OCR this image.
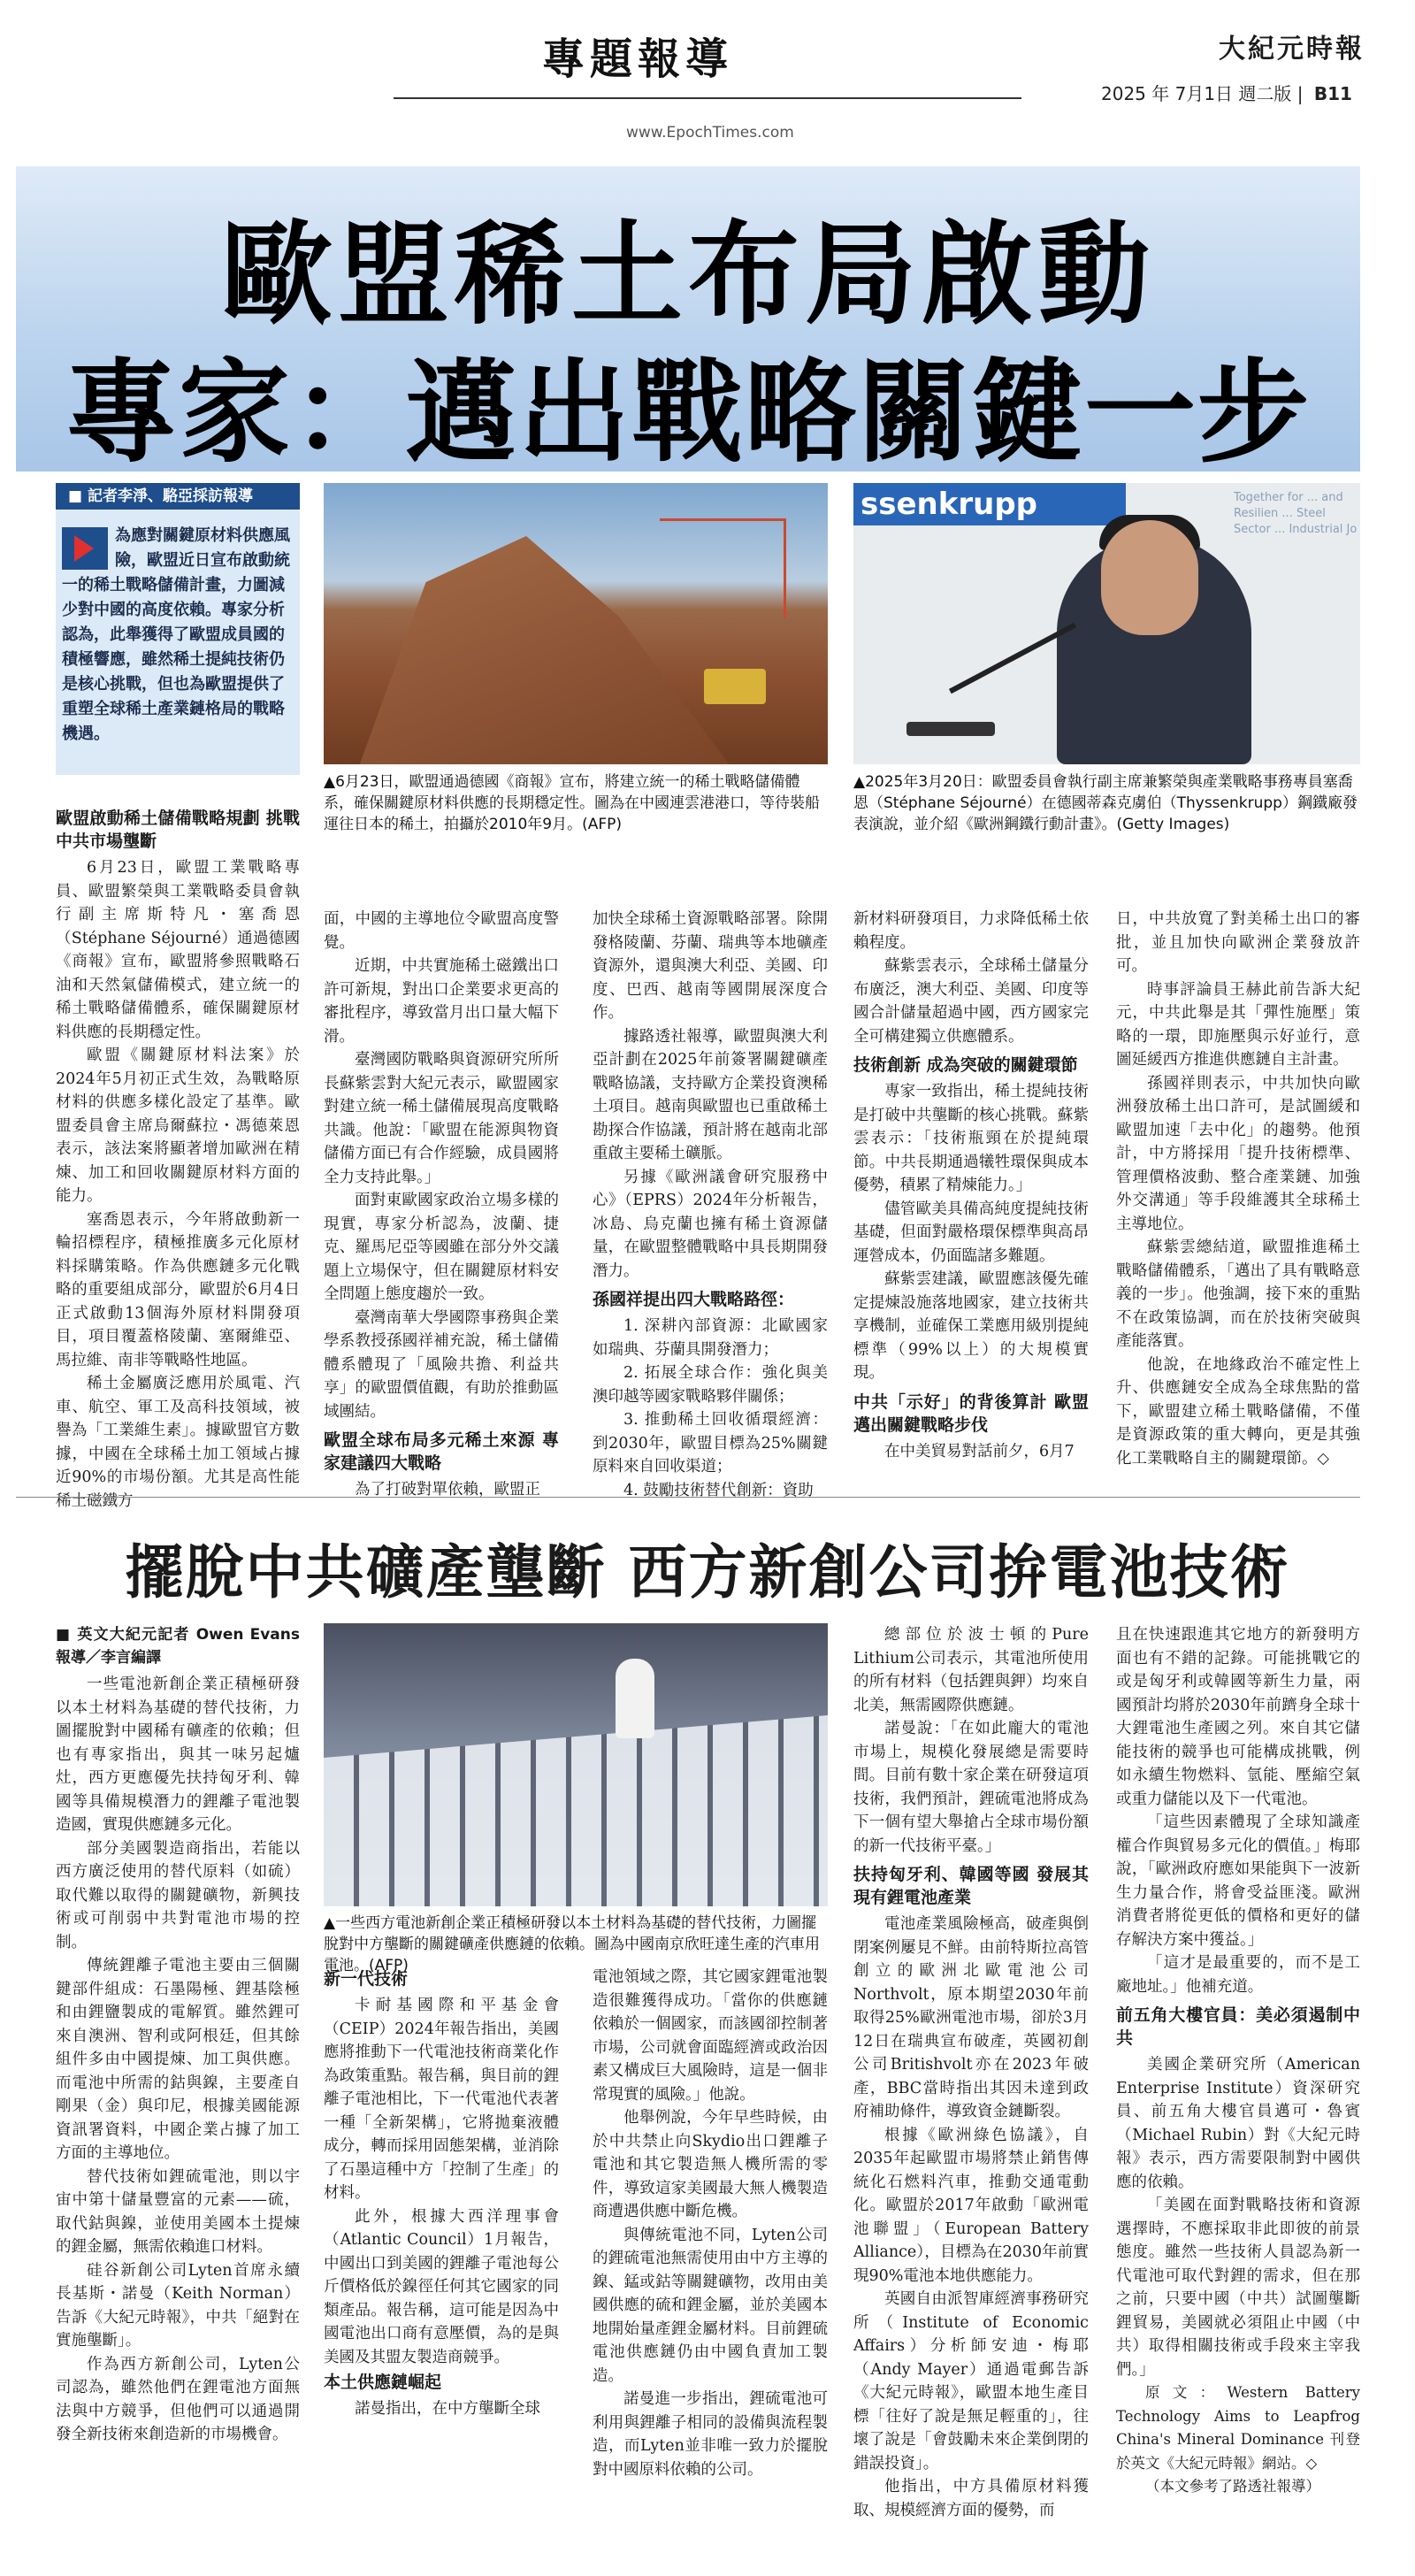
專題報導
www.EpochTimes.com
大紀元時報
2025 年 7月1日 週二版 | B11
歐盟稀土布局啟動
專家：邁出戰略關鍵一步
■ 記者李淨、駱亞採訪報導
為應對關鍵原材料供應風險，歐盟近日宣布啟動統一的稀土戰略儲備計畫，力圖減少對中國的高度依賴。專家分析認為，此舉獲得了歐盟成員國的積極響應，雖然稀土提純技術仍是核心挑戰，但也為歐盟提供了重塑全球稀土產業鏈格局的戰略機遇。
▲6月23日，歐盟通過德國《商報》宣布，將建立統一的稀土戰略儲備體系，確保關鍵原材料供應的長期穩定性。圖為在中國連雲港港口，等待裝船運往日本的稀土，拍攝於2010年9月。(AFP)
ssenkrupp	Together for ... and Resilien ... Steel Sector ... Industrial Jo
▲2025年3月20日：歐盟委員會執行副主席兼繁榮與產業戰略事務專員塞喬恩（Stéphane Séjourné）在德國蒂森克虜伯（Thyssenkrupp）鋼鐵廠發表演說，並介紹《歐洲鋼鐵行動計畫》。(Getty Images)
歐盟啟動稀土儲備戰略規劃 挑戰中共市場壟斷

6月23日，歐盟工業戰略專員、歐盟繁榮與工業戰略委員會執行副主席斯特凡・塞喬恩（Stéphane Séjourné）通過德國《商報》宣布，歐盟將參照戰略石油和天然氣儲備模式，建立統一的稀土戰略儲備體系，確保關鍵原材料供應的長期穩定性。

歐盟《關鍵原材料法案》於2024年5月初正式生效，為戰略原材料的供應多樣化設定了基準。歐盟委員會主席烏爾蘇拉・馮德萊恩表示，該法案將顯著增加歐洲在精煉、加工和回收關鍵原材料方面的能力。

塞喬恩表示，今年將啟動新一輪招標程序，積極推廣多元化原材料採購策略。作為供應鏈多元化戰略的重要組成部分，歐盟於6月4日正式啟動13個海外原材料開發項目，項目覆蓋格陵蘭、塞爾維亞、馬拉維、南非等戰略性地區。

稀土金屬廣泛應用於風電、汽車、航空、軍工及高科技領域，被譽為「工業維生素」。據歐盟官方數據，中國在全球稀土加工領域占據近90%的市場份額。尤其是高性能稀土磁鐵方

面，中國的主導地位令歐盟高度警覺。

近期，中共實施稀土磁鐵出口許可新規，對出口企業要求更高的審批程序，導致當月出口量大幅下滑。

臺灣國防戰略與資源研究所所長蘇紫雲對大紀元表示，歐盟國家對建立統一稀土儲備展現高度戰略共識。他說：「歐盟在能源與物資儲備方面已有合作經驗，成員國將全力支持此舉。」

面對東歐國家政治立場多樣的現實，專家分析認為，波蘭、捷克、羅馬尼亞等國雖在部分外交議題上立場保守，但在關鍵原材料安全問題上態度趨於一致。

臺灣南華大學國際事務與企業學系教授孫國祥補充說，稀土儲備體系體現了「風險共擔、利益共享」的歐盟價值觀，有助於推動區域團結。

歐盟全球布局多元稀土來源 專家建議四大戰略

為了打破對單依賴，歐盟正

加快全球稀土資源戰略部署。除開發格陵蘭、芬蘭、瑞典等本地礦產資源外，還與澳大利亞、美國、印度、巴西、越南等國開展深度合作。

據路透社報導，歐盟與澳大利亞計劃在2025年前簽署關鍵礦產戰略協議，支持歐方企業投資澳稀土項目。越南與歐盟也已重啟稀土勘探合作協議，預計將在越南北部重啟主要稀土礦脈。

另據《歐洲議會研究服務中心》（EPRS）2024年分析報告，冰島、烏克蘭也擁有稀土資源儲量，在歐盟整體戰略中具長期開發潛力。

孫國祥提出四大戰略路徑：

1. 深耕內部資源：北歐國家如瑞典、芬蘭具開發潛力；

2. 拓展全球合作：強化與美澳印越等國家戰略夥伴關係；

3. 推動稀土回收循環經濟：到2030年，歐盟目標為25%關鍵原料來自回收渠道；

4. 鼓勵技術替代創新：資助

新材料研發項目，力求降低稀土依賴程度。

蘇紫雲表示，全球稀土儲量分布廣泛，澳大利亞、美國、印度等國合計儲量超過中國，西方國家完全可構建獨立供應體系。

技術創新 成為突破的關鍵環節

專家一致指出，稀土提純技術是打破中共壟斷的核心挑戰。蘇紫雲表示：「技術瓶頸在於提純環節。中共長期通過犧牲環保與成本優勢，積累了精煉能力。」

儘管歐美具備高純度提純技術基礎，但面對嚴格環保標準與高昂運營成本，仍面臨諸多難題。

蘇紫雲建議，歐盟應該優先確定提煉設施落地國家，建立技術共享機制，並確保工業應用級別提純標準（99%以上）的大規模實現。

中共「示好」的背後算計 歐盟邁出關鍵戰略步伐

在中美貿易對話前夕，6月7

日，中共放寬了對美稀土出口的審批，並且加快向歐洲企業發放許可。

時事評論員王赫此前告訴大紀元，中共此舉是其「彈性施壓」策略的一環，即施壓與示好並行，意圖延緩西方推進供應鏈自主計畫。

孫國祥則表示，中共加快向歐洲發放稀土出口許可，是試圖緩和歐盟加速「去中化」的趨勢。他預計，中方將採用「提升技術標準、管理價格波動、整合產業鏈、加強外交溝通」等手段維護其全球稀土主導地位。

蘇紫雲總結道，歐盟推進稀土戰略儲備體系，「邁出了具有戰略意義的一步」。他強調，接下來的重點不在政策協調，而在於技術突破與產能落實。

他說，在地緣政治不確定性上升、供應鏈安全成為全球焦點的當下，歐盟建立稀土戰略儲備，不僅是資源政策的重大轉向，更是其強化工業戰略自主的關鍵環節。◇

擺脫中共礦產壟斷 西方新創公司拚電池技術
■ 英文大紀元記者 Owen Evans 報導／李言編譯

一些電池新創企業正積極研發以本土材料為基礎的替代技術，力圖擺脫對中國稀有礦產的依賴；但也有專家指出，與其一味另起爐灶，西方更應優先扶持匈牙利、韓國等具備規模潛力的鋰離子電池製造國，實現供應鏈多元化。

部分美國製造商指出，若能以西方廣泛使用的替代原料（如硫）取代難以取得的關鍵礦物，新興技術或可削弱中共對電池市場的控制。

傳統鋰離子電池主要由三個關鍵部件組成：石墨陽極、鋰基陰極和由鋰鹽製成的電解質。雖然鋰可來自澳洲、智利或阿根廷，但其餘組件多由中國提煉、加工與供應。而電池中所需的鈷與鎳，主要產自剛果（金）與印尼，根據美國能源資訊署資料，中國企業占據了加工方面的主導地位。

替代技術如鋰硫電池，則以宇宙中第十儲量豐富的元素——硫，取代鈷與鎳，並使用美國本土提煉的鋰金屬，無需依賴進口材料。

硅谷新創公司Lyten首席永續長基斯・諾曼（Keith Norman）告訴《大紀元時報》，中共「絕對在實施壟斷」。

作為西方新創公司，Lyten公司認為，雖然他們在鋰電池方面無法與中方競爭，但他們可以通過開發全新技術來創造新的市場機會。

▲一些西方電池新創企業正積極研發以本土材料為基礎的替代技術，力圖擺脫對中方壟斷的關鍵礦產供應鏈的依賴。圖為中國南京欣旺達生產的汽車用電池。(AFP)
新一代技術

卡耐基國際和平基金會（CEIP）2024年報告指出，美國應將推動下一代電池技術商業化作為政策重點。報告稱，與目前的鋰離子電池相比，下一代電池代表著一種「全新架構」，它將拋棄液體成分，轉而採用固態架構，並消除了石墨這種中方「控制了生產」的材料。

此外，根據大西洋理事會（Atlantic Council）1月報告，中國出口到美國的鋰離子電池每公斤價格低於鎳徑任何其它國家的同類產品。報告稱，這可能是因為中國電池出口商有意壓價，為的是與美國及其盟友製造商競爭。

本土供應鏈崛起

諾曼指出，在中方壟斷全球

電池領域之際，其它國家鋰電池製造很難獲得成功。「當你的供應鏈依賴於一個國家，而該國卻控制著市場，公司就會面臨經濟或政治因素又構成巨大風險時，這是一個非常現實的風險。」他說。

他舉例說，今年早些時候，由於中共禁止向Skydio出口鋰離子電池和其它製造無人機所需的零件，導致這家美國最大無人機製造商遭遇供應中斷危機。

與傳統電池不同，Lyten公司的鋰硫電池無需使用由中方主導的鎳、錳或鈷等關鍵礦物，改用由美國供應的硫和鋰金屬，並於美國本地開始量產鋰金屬材料。目前鋰硫電池供應鏈仍由中國負責加工製造。

諾曼進一步指出，鋰硫電池可利用與鋰離子相同的設備與流程製造，而Lyten並非唯一致力於擺脫對中國原料依賴的公司。

總部位於波士頓的Pure Lithium公司表示，其電池所使用的所有材料（包括鋰與鉀）均來自北美，無需國際供應鏈。

諾曼說：「在如此龐大的電池市場上，規模化發展總是需要時間。目前有數十家企業在研發這項技術，我們預計，鋰硫電池將成為下一個有望大舉搶占全球市場份額的新一代技術平臺。」

扶持匈牙利、韓國等國 發展其現有鋰電池產業

電池產業風險極高，破產與倒閉案例屢見不鮮。由前特斯拉高管創立的歐洲北歐電池公司Northvolt，原本期望2030年前取得25%歐洲電池市場，卻於3月12日在瑞典宣布破產，英國初創公司Britishvolt亦在2023年破產，BBC當時指出其因未達到政府補助條件，導致資金鏈斷裂。

根據《歐洲綠色協議》，自2035年起歐盟市場將禁止銷售傳統化石燃料汽車，推動交通電動化。歐盟於2017年啟動「歐洲電池聯盟」（European Battery Alliance），目標為在2030年前實現90%電池本地供應能力。

英國自由派智庫經濟事務研究所（Institute of Economic Affairs）分析師安迪・梅耶（Andy Mayer）通過電郵告訴《大紀元時報》，歐盟本地生產目標「往好了說是無足輕重的」，往壞了說是「會鼓勵未來企業倒閉的錯誤投資」。

他指出，中方具備原材料獲取、規模經濟方面的優勢，而

且在快速跟進其它地方的新發明方面也有不錯的記錄。可能挑戰它的或是匈牙利或韓國等新生力量，兩國預計均將於2030年前躋身全球十大鋰電池生產國之列。來自其它儲能技術的競爭也可能構成挑戰，例如永續生物燃料、氫能、壓縮空氣或重力儲能以及下一代電池。

「這些因素體現了全球知識產權合作與貿易多元化的價值。」梅耶說，「歐洲政府應如果能與下一波新生力量合作，將會受益匪淺。歐洲消費者將從更低的價格和更好的儲存解決方案中獲益。」

「這才是最重要的，而不是工廠地址。」他補充道。

前五角大樓官員：美必須遏制中共

美國企業研究所（American Enterprise Institute）資深研究員、前五角大樓官員邁可・魯賓（Michael Rubin）對《大紀元時報》表示，西方需要限制對中國供應的依賴。

「美國在面對戰略技術和資源選擇時，不應採取非此即彼的前景態度。雖然一些技術人員認為新一代電池可取代對鋰的需求，但在那之前，只要中國（中共）試圖壟斷鋰貿易，美國就必須阻止中國（中共）取得相關技術或手段來主宰我們。」

原文：Western Battery Technology Aims to Leapfrog China's Mineral Dominance 刊登於英文《大紀元時報》網站。◇

（本文參考了路透社報導）
